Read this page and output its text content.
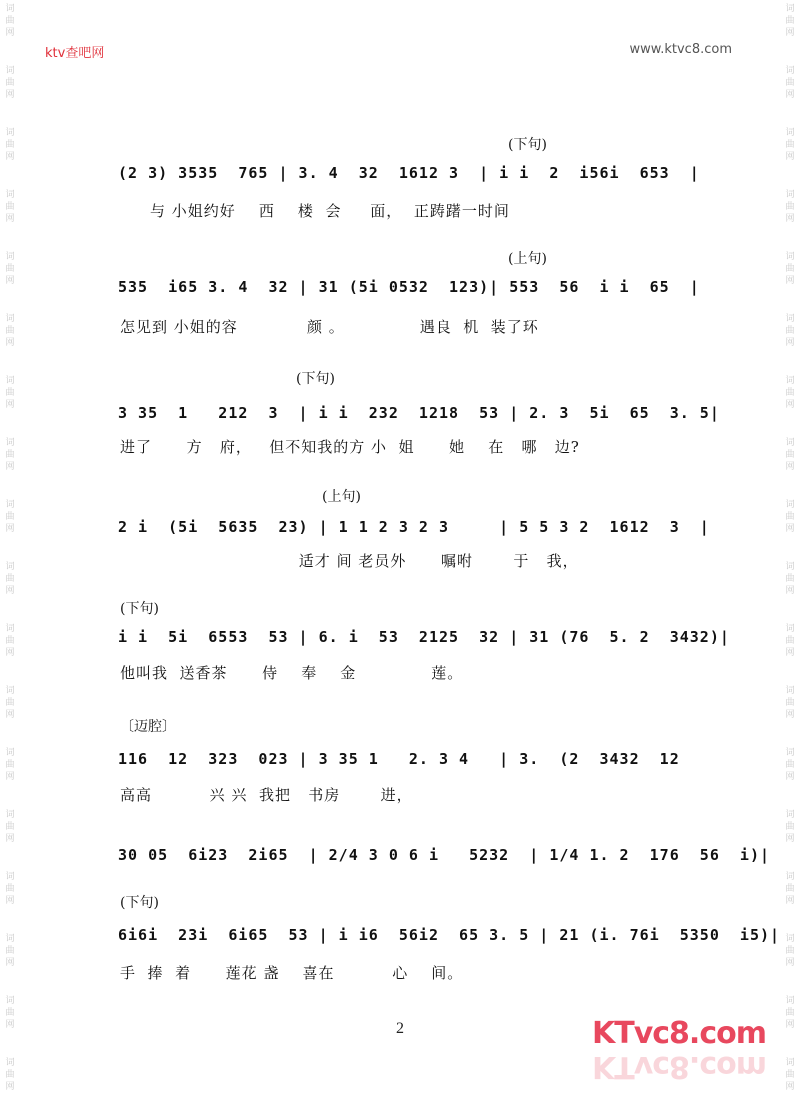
词
曲
网
词
曲
网
词
曲
网
词
曲
网
词
曲
网
词
曲
网
词
曲
网
词
曲
网
词
曲
网
词
曲
网
词
曲
网
词
曲
网
词
曲
网
词
曲
网
词
曲
网
词
曲
网
词
曲
网
词
曲
网
词
曲
网
词
曲
网
词
曲
网
词
曲
网
词
曲
网
词
曲
网
词
曲
网
词
曲
网
词
曲
网
词
曲
网
词
曲
网
词
曲
网
词
曲
网
词
曲
网
词
曲
网
词
曲
网
词
曲
网
词
曲
网
ktv查吧网	www.ktvc8.com
(下句)

(2 3) 3535  765 | 3. 4  32  1612 3  | i i  2  i56i  653  |

与 小姐约好    西    楼  会     面，  正踌躇一时间
(上句)

535  i65 3. 4  32 | 31 (5i 0532  123)| 553  56  i i  65  |

怎见到 小姐的容            颜 。             遇良  机  装了环
(下句)

3 35  1   212  3  | i i  232  1218  53 | 2. 3  5i  65  3. 5|

进了      方   府，   但不知我的方 小  姐      她    在   哪   边?
(上句)

2 i  (5i  5635  23) | 1 1 2 3 2 3     | 5 5 3 2  1612  3  |

适才 间 老员外      嘱咐       于   我，
(下句)

i i  5i  6553  53 | 6. i  53  2125  32 | 31 (76  5. 2  3432)|

他叫我  送香茶      侍    奉    金             莲。
〔迈腔〕

116  12  323  023 | 3 35 1   2. 3 4   | 3.  (2  3432  12

高高          兴 兴  我把   书房       进，

30 05  6i23  2i65  | 2/4 3 0 6 i   5232  | 1/4 1. 2  176  56  i)|

(下句)

6i6i  23i  6i65  53 | i i6  56i2  65 3. 5 | 21 (i. 76i  5350  i5)|

手  捧  着      莲花 盏    喜在          心    间。
2	KTvc8.com
KTvc8.com
